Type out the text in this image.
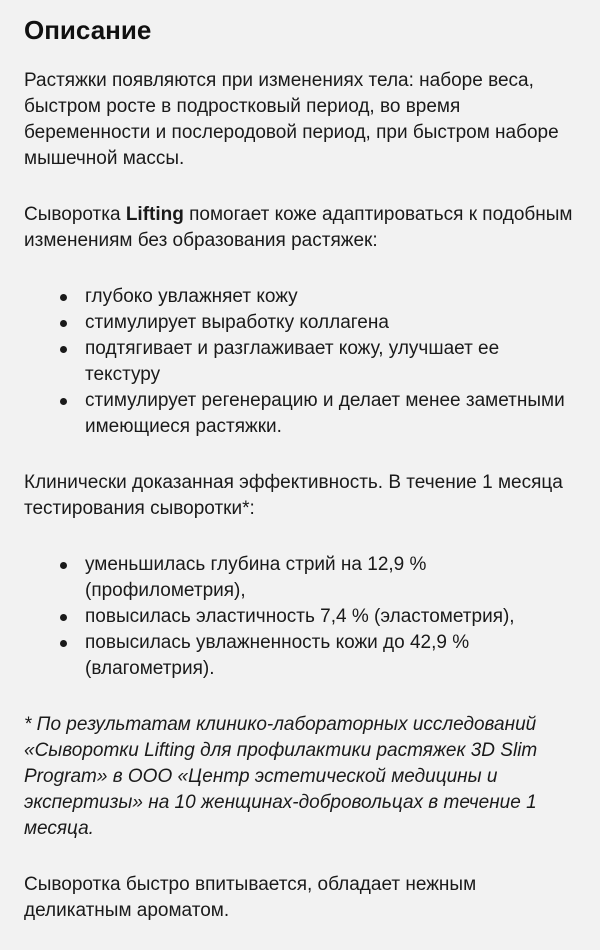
Описание

Растяжки появляются при изменениях тела: наборе веса, быстром росте в подростковый период, во время беременности и послеродовой период, при быстром наборе мышечной массы.

Сыворотка Lifting помогает коже адаптироваться к подобным изменениям без образования растяжек:

глубоко увлажняет кожу
стимулирует выработку коллагена
подтягивает и разглаживает кожу, улучшает ее текстуру
стимулирует регенерацию и делает менее заметными имеющиеся растяжки.

Клинически доказанная эффективность. В течение 1 месяца тестирования сыворотки*:

уменьшилась глубина стрий на 12,9 % (профилометрия),
повысилась эластичность 7,4 % (эластометрия),
повысилась увлажненность кожи до 42,9 % (влагометрия).

* По результатам клинико-лабораторных исследований «Сыворотки Lifting для профилактики растяжек 3D Slim Program» в ООО «Центр эстетической медицины и экспертизы» на 10 женщинах-добровольцах в течение 1 месяца.

Сыворотка быстро впитывается, обладает нежным деликатным ароматом.
